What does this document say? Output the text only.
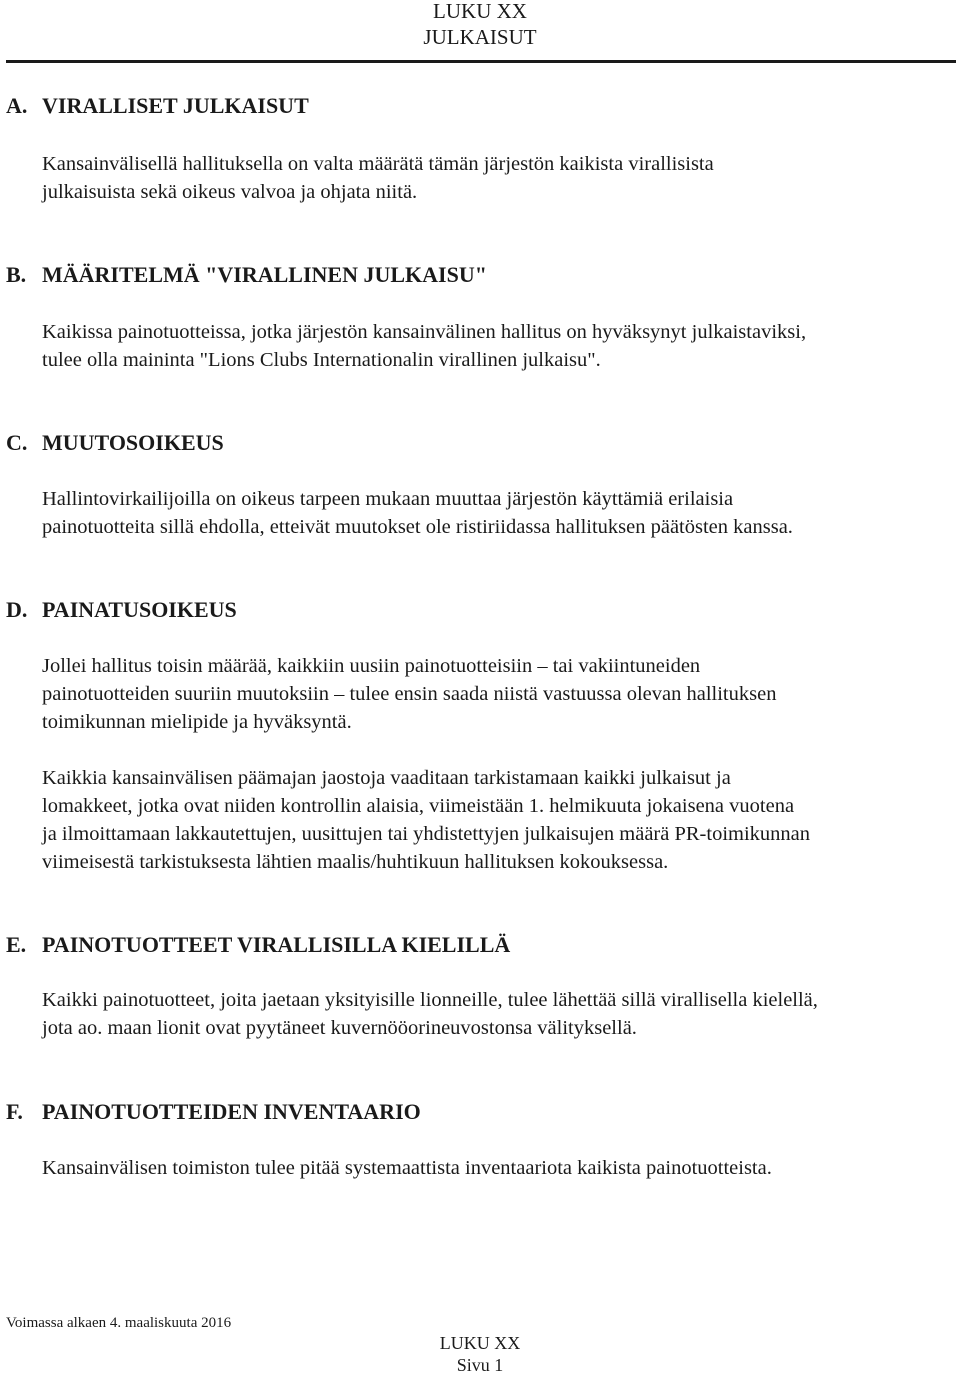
LUKU XX
JULKAISUT
A. VIRALLISET JULKAISUT
Kansainvälisellä hallituksella on valta määrätä tämän järjestön kaikista virallisista
julkaisuista sekä oikeus valvoa ja ohjata niitä.
B. MÄÄRITELMÄ "VIRALLINEN JULKAISU"
Kaikissa painotuotteissa, jotka järjestön kansainvälinen hallitus on hyväksynyt julkaistaviksi,
tulee olla maininta "Lions Clubs Internationalin virallinen julkaisu".
C. MUUTOSOIKEUS
Hallintovirkailijoilla on oikeus tarpeen mukaan muuttaa järjestön käyttämiä erilaisia
painotuotteita sillä ehdolla, etteivät muutokset ole ristiriidassa hallituksen päätösten kanssa.
D. PAINATUSOIKEUS
Jollei hallitus toisin määrää, kaikkiin uusiin painotuotteisiin – tai vakiintuneiden
painotuotteiden suuriin muutoksiin – tulee ensin saada niistä vastuussa olevan hallituksen
toimikunnan mielipide ja hyväksyntä.
Kaikkia kansainvälisen päämajan jaostoja vaaditaan tarkistamaan kaikki julkaisut ja
lomakkeet, jotka ovat niiden kontrollin alaisia, viimeistään 1. helmikuuta jokaisena vuotena
ja ilmoittamaan lakkautettujen, uusittujen tai yhdistettyjen julkaisujen määrä PR-toimikunnan
viimeisestä tarkistuksesta lähtien maalis/huhtikuun hallituksen kokouksessa.
E. PAINOTUOTTEET VIRALLISILLA KIELILLÄ
Kaikki painotuotteet, joita jaetaan yksityisille lionneille, tulee lähettää sillä virallisella kielellä,
jota ao. maan lionit ovat pyytäneet kuvernööorineuvostonsa välityksellä.
F. PAINOTUOTTEIDEN INVENTAARIO
Kansainvälisen toimiston tulee pitää systemaattista inventaariota kaikista painotuotteista.
Voimassa alkaen 4. maaliskuuta 2016
LUKU XX
Sivu 1
